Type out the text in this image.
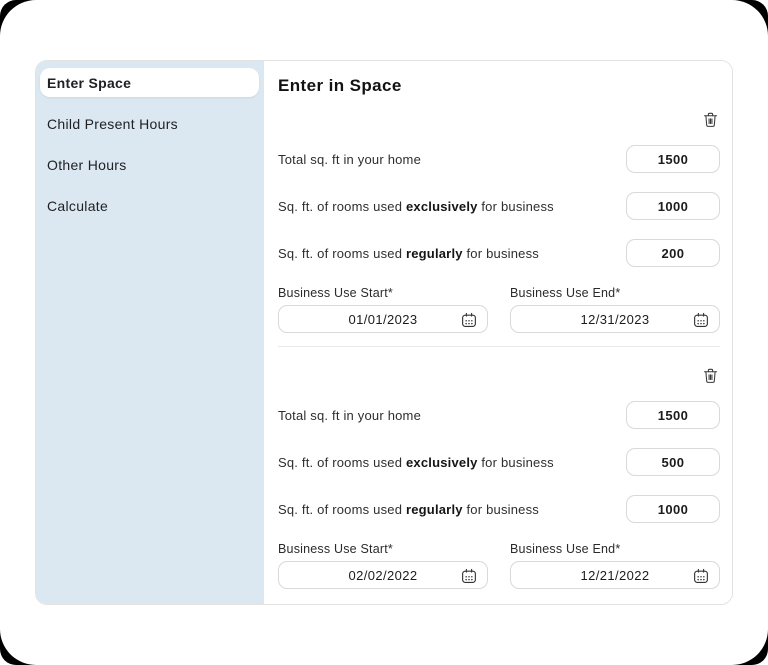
Enter Space
Child Present Hours
Other Hours
Calculate
Enter in Space
Total sq. ft in your home	1500
Sq. ft. of rooms used exclusively for business	1000
Sq. ft. of rooms used regularly for business	200
Business Use Start*
01/01/2023
Business Use End*
12/31/2023
Total sq. ft in your home	1500
Sq. ft. of rooms used exclusively for business	500
Sq. ft. of rooms used regularly for business	1000
Business Use Start*
02/02/2022
Business Use End*
12/21/2022
